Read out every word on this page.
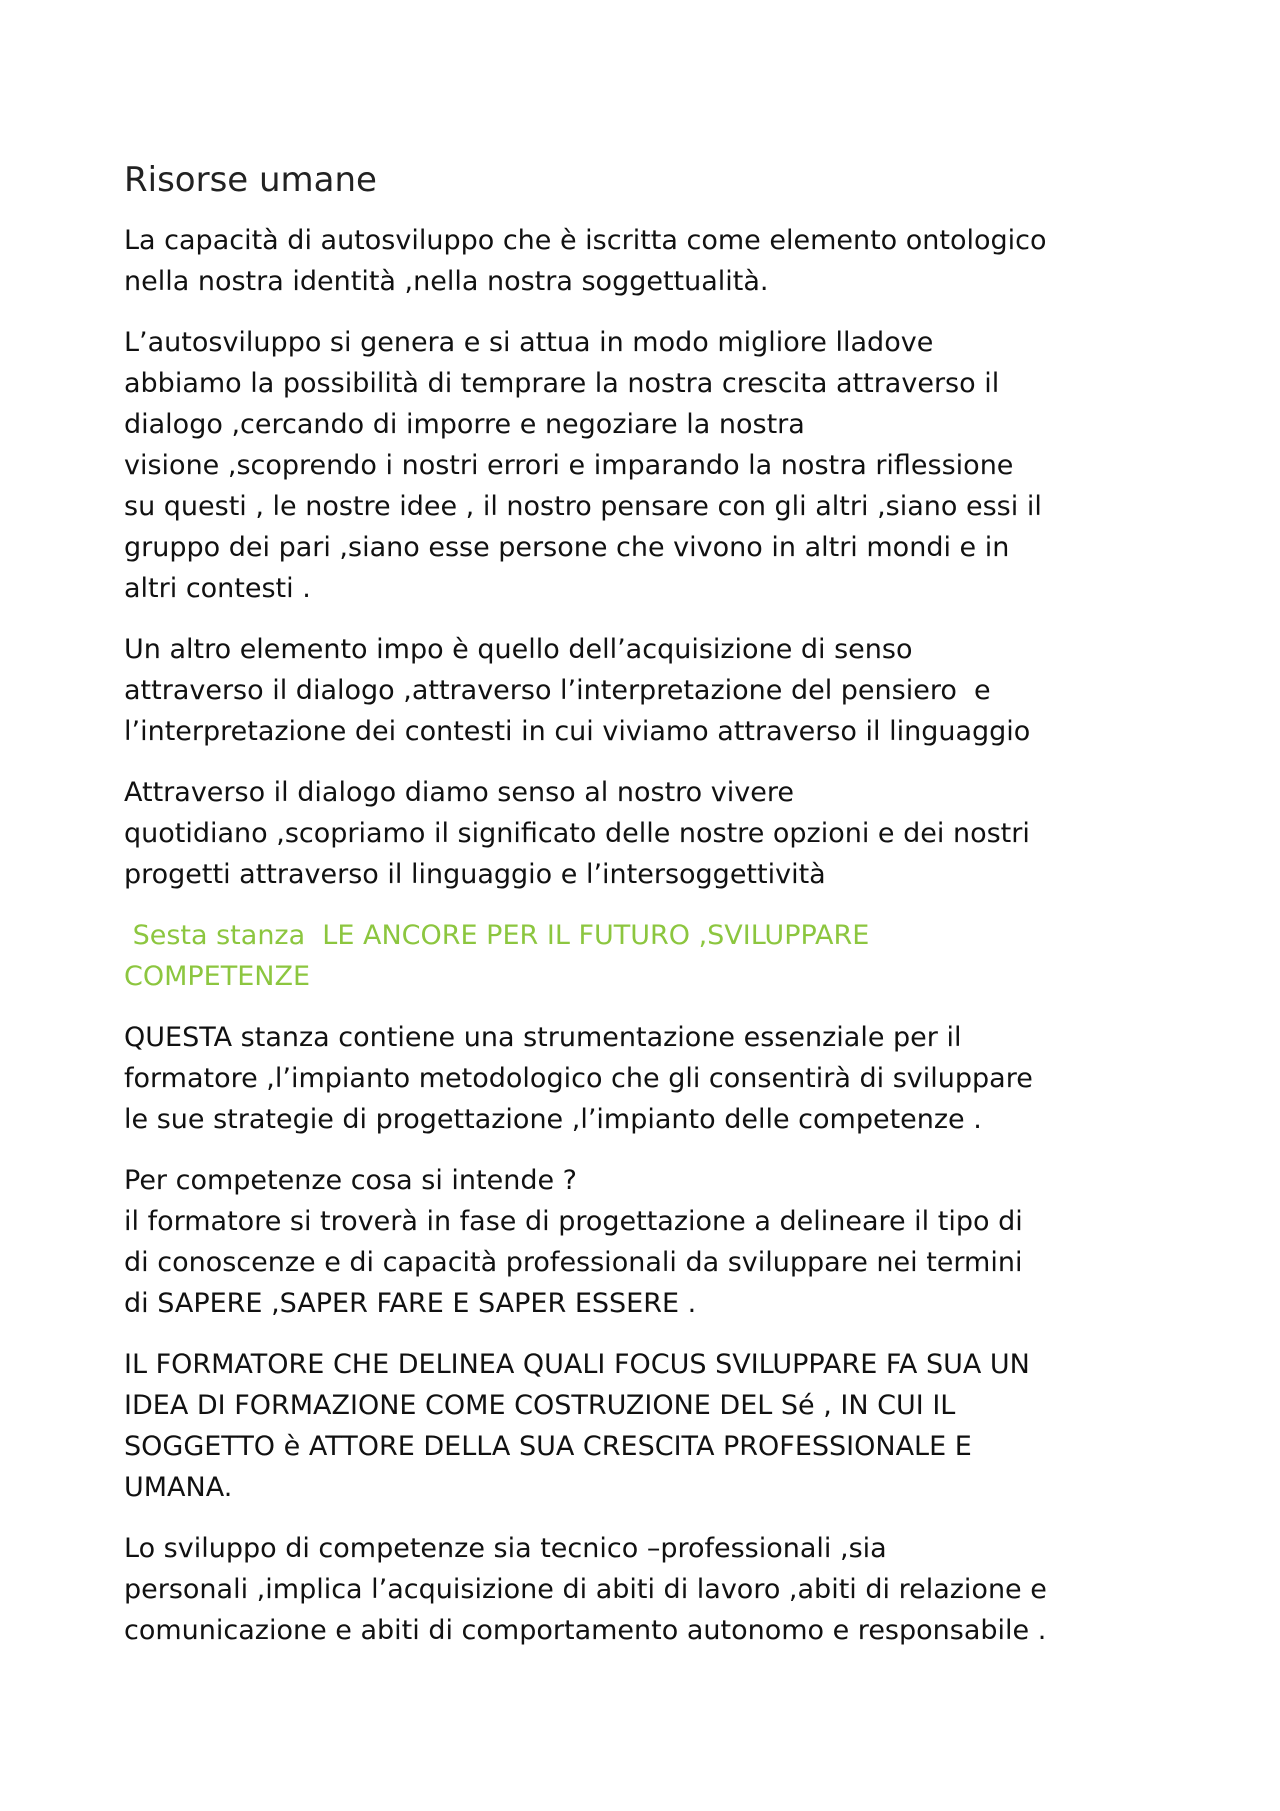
Risorse umane

La capacità di autosviluppo che è iscritta come elemento ontologico
nella nostra identità ,nella nostra soggettualità.

L’autosviluppo si genera e si attua in modo migliore lladove
abbiamo la possibilità di temprare la nostra crescita attraverso il
dialogo ,cercando di imporre e negoziare la nostra
visione ,scoprendo i nostri errori e imparando la nostra riflessione
su questi , le nostre idee , il nostro pensare con gli altri ,siano essi il
gruppo dei pari ,siano esse persone che vivono in altri mondi e in
altri contesti .

Un altro elemento impo è quello dell’acquisizione di senso
attraverso il dialogo ,attraverso l’interpretazione del pensiero  e
l’interpretazione dei contesti in cui viviamo attraverso il linguaggio

Attraverso il dialogo diamo senso al nostro vivere
quotidiano ,scopriamo il significato delle nostre opzioni e dei nostri
progetti attraverso il linguaggio e l’intersoggettività

Sesta stanza  LE ANCORE PER IL FUTURO ,SVILUPPARE
COMPETENZE

QUESTA stanza contiene una strumentazione essenziale per il
formatore ,l’impianto metodologico che gli consentirà di sviluppare
le sue strategie di progettazione ,l’impianto delle competenze .

Per competenze cosa si intende ?
il formatore si troverà in fase di progettazione a delineare il tipo di
di conoscenze e di capacità professionali da sviluppare nei termini
di SAPERE ,SAPER FARE E SAPER ESSERE .

IL FORMATORE CHE DELINEA QUALI FOCUS SVILUPPARE FA SUA UN
IDEA DI FORMAZIONE COME COSTRUZIONE DEL Sé , IN CUI IL
SOGGETTO è ATTORE DELLA SUA CRESCITA PROFESSIONALE E
UMANA.

Lo sviluppo di competenze sia tecnico –professionali ,sia
personali ,implica l’acquisizione di abiti di lavoro ,abiti di relazione e
comunicazione e abiti di comportamento autonomo e responsabile .
